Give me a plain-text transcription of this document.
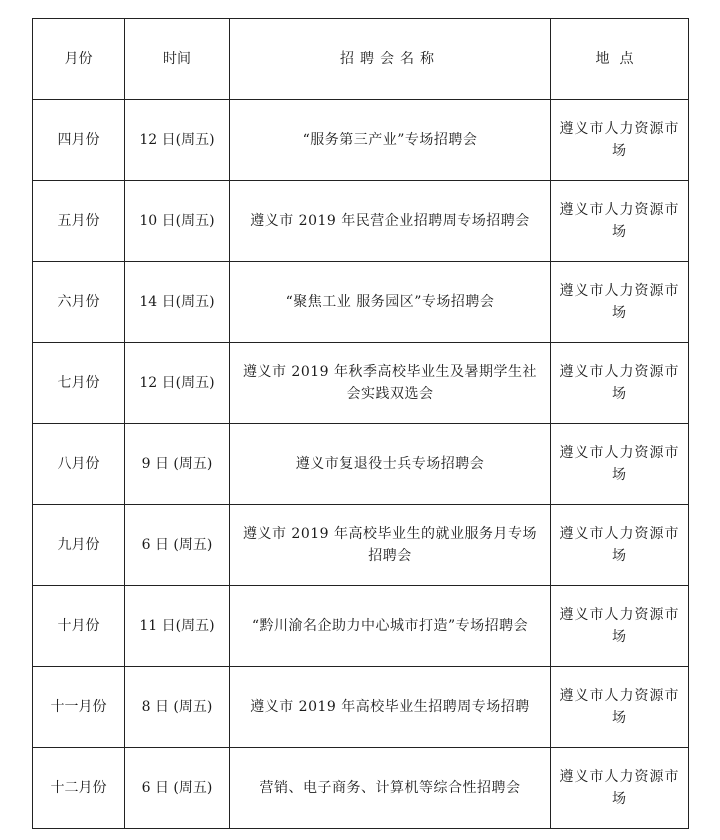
月份	时间	招聘会名称	地点
四月份	12 日(周五)	“服务第三产业”专场招聘会	遵义市人力资源市场
五月份	10 日(周五)	遵义市 2019 年民营企业招聘周专场招聘会	遵义市人力资源市场
六月份	14 日(周五)	“聚焦工业 服务园区”专场招聘会	遵义市人力资源市场
七月份	12 日(周五)	遵义市 2019 年秋季高校毕业生及暑期学生社会实践双选会	遵义市人力资源市场
八月份	9 日 (周五)	遵义市复退役士兵专场招聘会	遵义市人力资源市场
九月份	6 日 (周五)	遵义市 2019 年高校毕业生的就业服务月专场招聘会	遵义市人力资源市场
十月份	11 日(周五)	“黔川渝名企助力中心城市打造”专场招聘会	遵义市人力资源市场
十一月份	8 日 (周五)	遵义市 2019 年高校毕业生招聘周专场招聘	遵义市人力资源市场
十二月份	6 日 (周五)	营销、电子商务、计算机等综合性招聘会	遵义市人力资源市场
